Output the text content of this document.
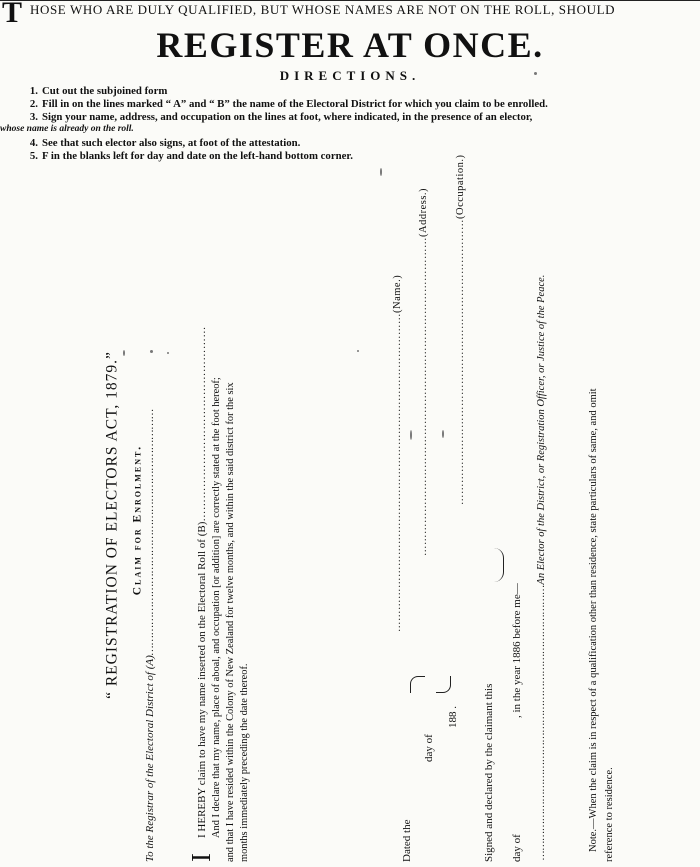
T HOSE WHO ARE DULY QUALIFIED, BUT WHOSE NAMES ARE NOT ON THE ROLL, SHOULD
REGISTER AT ONCE.
DIRECTIONS.
1. Cut out the subjoined form
2. Fill in on the lines marked “ A” and “ B” the name of the Electoral District for which you claim to be enrolled.
3. Sign your name, address, and occupation on the lines at foot, where indicated, in the presence of an elector,
whose name is already on the roll.
4. See that such elector also signs, at foot of the attestation.
5. F in the blanks left for day and date on the left-hand bottom corner.
“ REGISTRATION OF ELECTORS ACT, 1879.” Claim for Enrolment.
To the Registrar of the Electoral District of (A)………………………………………………………………
I
I HEREBY claim to have my name inserted on the Electoral Roll of (B)…………………………………………… And I declare that my name, place of aboal, and occupation [or addition] are correctly stated at the foot hereof; and that I have resided within the Colony of New Zealand for twelve months, and within the said district for the six months immediately preceding the date thereof.
……………………………………………………………………………(Name.) ……………………………………………………………………………(Address.)
……………………………………………………………………(Occupation.)
Dated the
day of
188 . Signed and declared by the claimant this day of
, in the year 1886 before me— …………………………………………………………………………An Elector of the District, or Registration Officer, or Justice of the Peace.	Note.—When the claim is in respect of a qualification other than residence, state particulars of same, and omit reference to residence.
